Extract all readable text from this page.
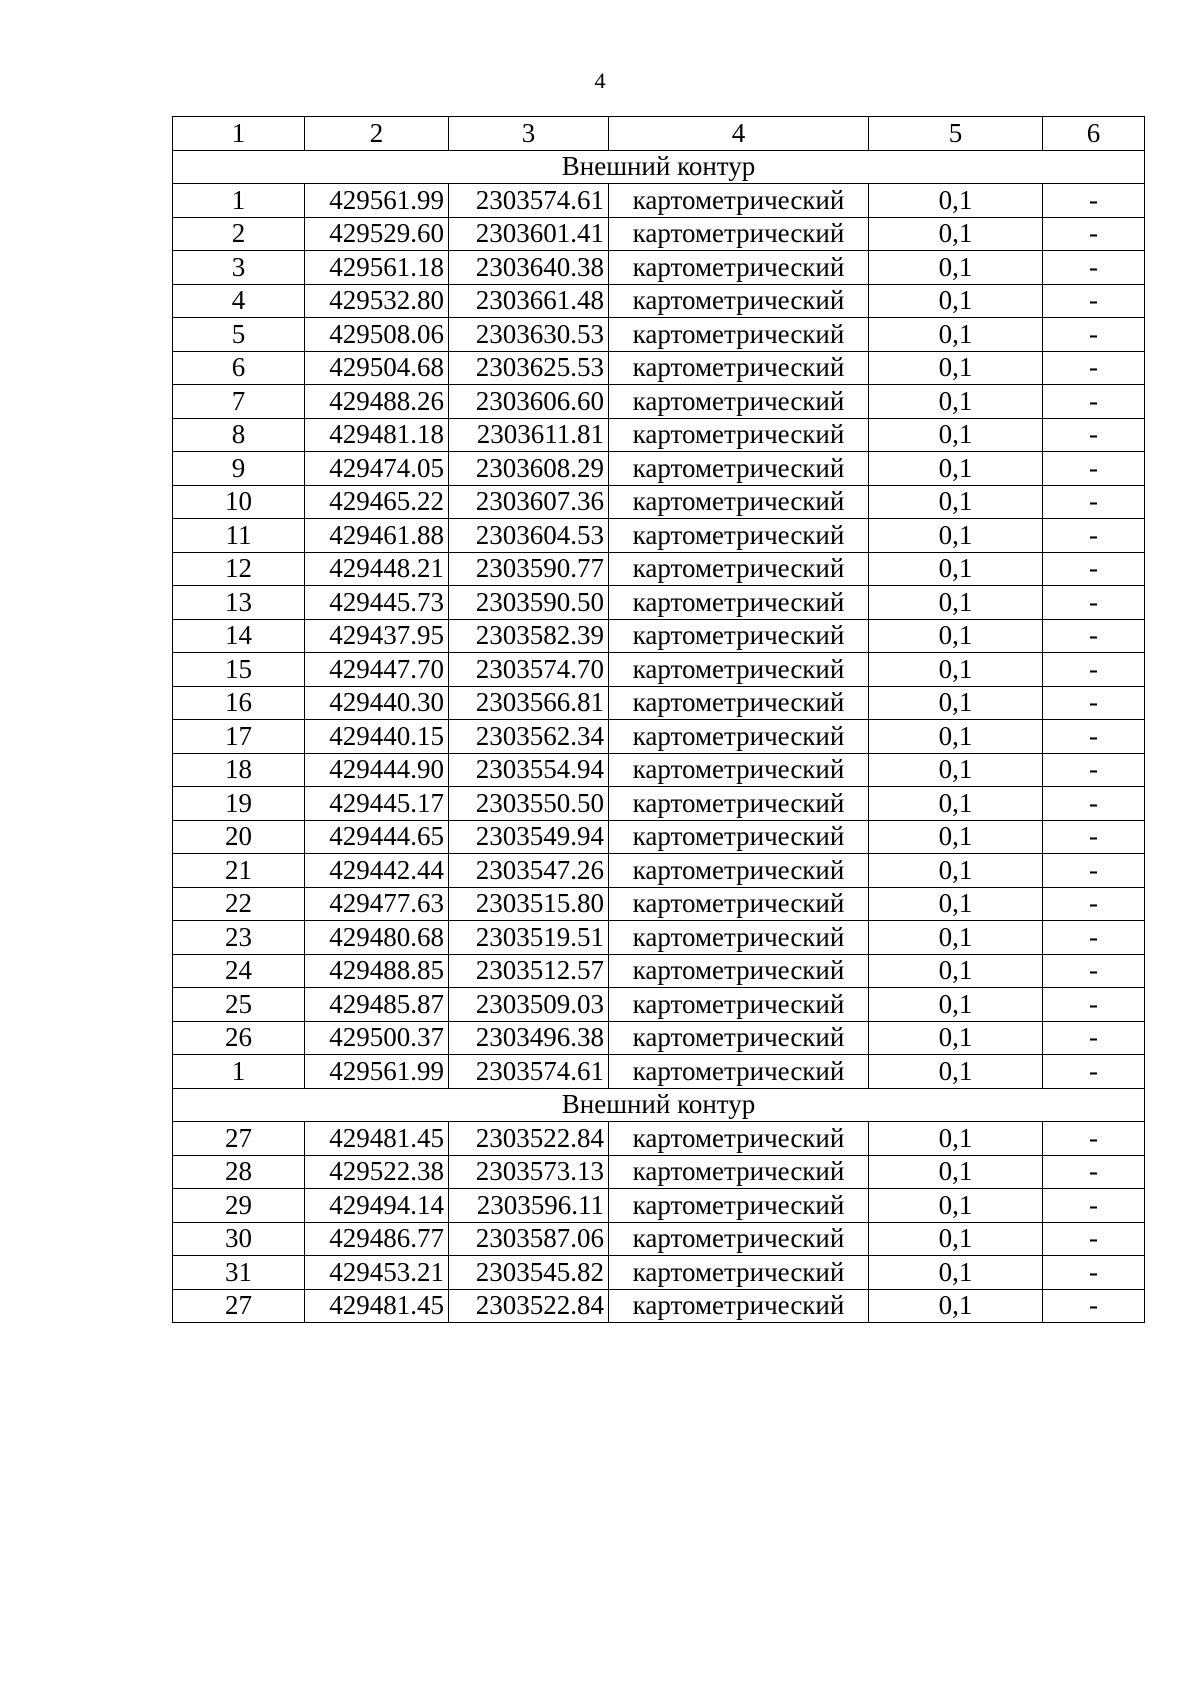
4
1	2	3	4	5	6
Внешний контур					
1	429561.99	2303574.61	картометрический	0,1	-
2	429529.60	2303601.41	картометрический	0,1	-
3	429561.18	2303640.38	картометрический	0,1	-
4	429532.80	2303661.48	картометрический	0,1	-
5	429508.06	2303630.53	картометрический	0,1	-
6	429504.68	2303625.53	картометрический	0,1	-
7	429488.26	2303606.60	картометрический	0,1	-
8	429481.18	2303611.81	картометрический	0,1	-
9	429474.05	2303608.29	картометрический	0,1	-
10	429465.22	2303607.36	картометрический	0,1	-
11	429461.88	2303604.53	картометрический	0,1	-
12	429448.21	2303590.77	картометрический	0,1	-
13	429445.73	2303590.50	картометрический	0,1	-
14	429437.95	2303582.39	картометрический	0,1	-
15	429447.70	2303574.70	картометрический	0,1	-
16	429440.30	2303566.81	картометрический	0,1	-
17	429440.15	2303562.34	картометрический	0,1	-
18	429444.90	2303554.94	картометрический	0,1	-
19	429445.17	2303550.50	картометрический	0,1	-
20	429444.65	2303549.94	картометрический	0,1	-
21	429442.44	2303547.26	картометрический	0,1	-
22	429477.63	2303515.80	картометрический	0,1	-
23	429480.68	2303519.51	картометрический	0,1	-
24	429488.85	2303512.57	картометрический	0,1	-
25	429485.87	2303509.03	картометрический	0,1	-
26	429500.37	2303496.38	картометрический	0,1	-
1	429561.99	2303574.61	картометрический	0,1	-
Внешний контур					
27	429481.45	2303522.84	картометрический	0,1	-
28	429522.38	2303573.13	картометрический	0,1	-
29	429494.14	2303596.11	картометрический	0,1	-
30	429486.77	2303587.06	картометрический	0,1	-
31	429453.21	2303545.82	картометрический	0,1	-
27	429481.45	2303522.84	картометрический	0,1	-
